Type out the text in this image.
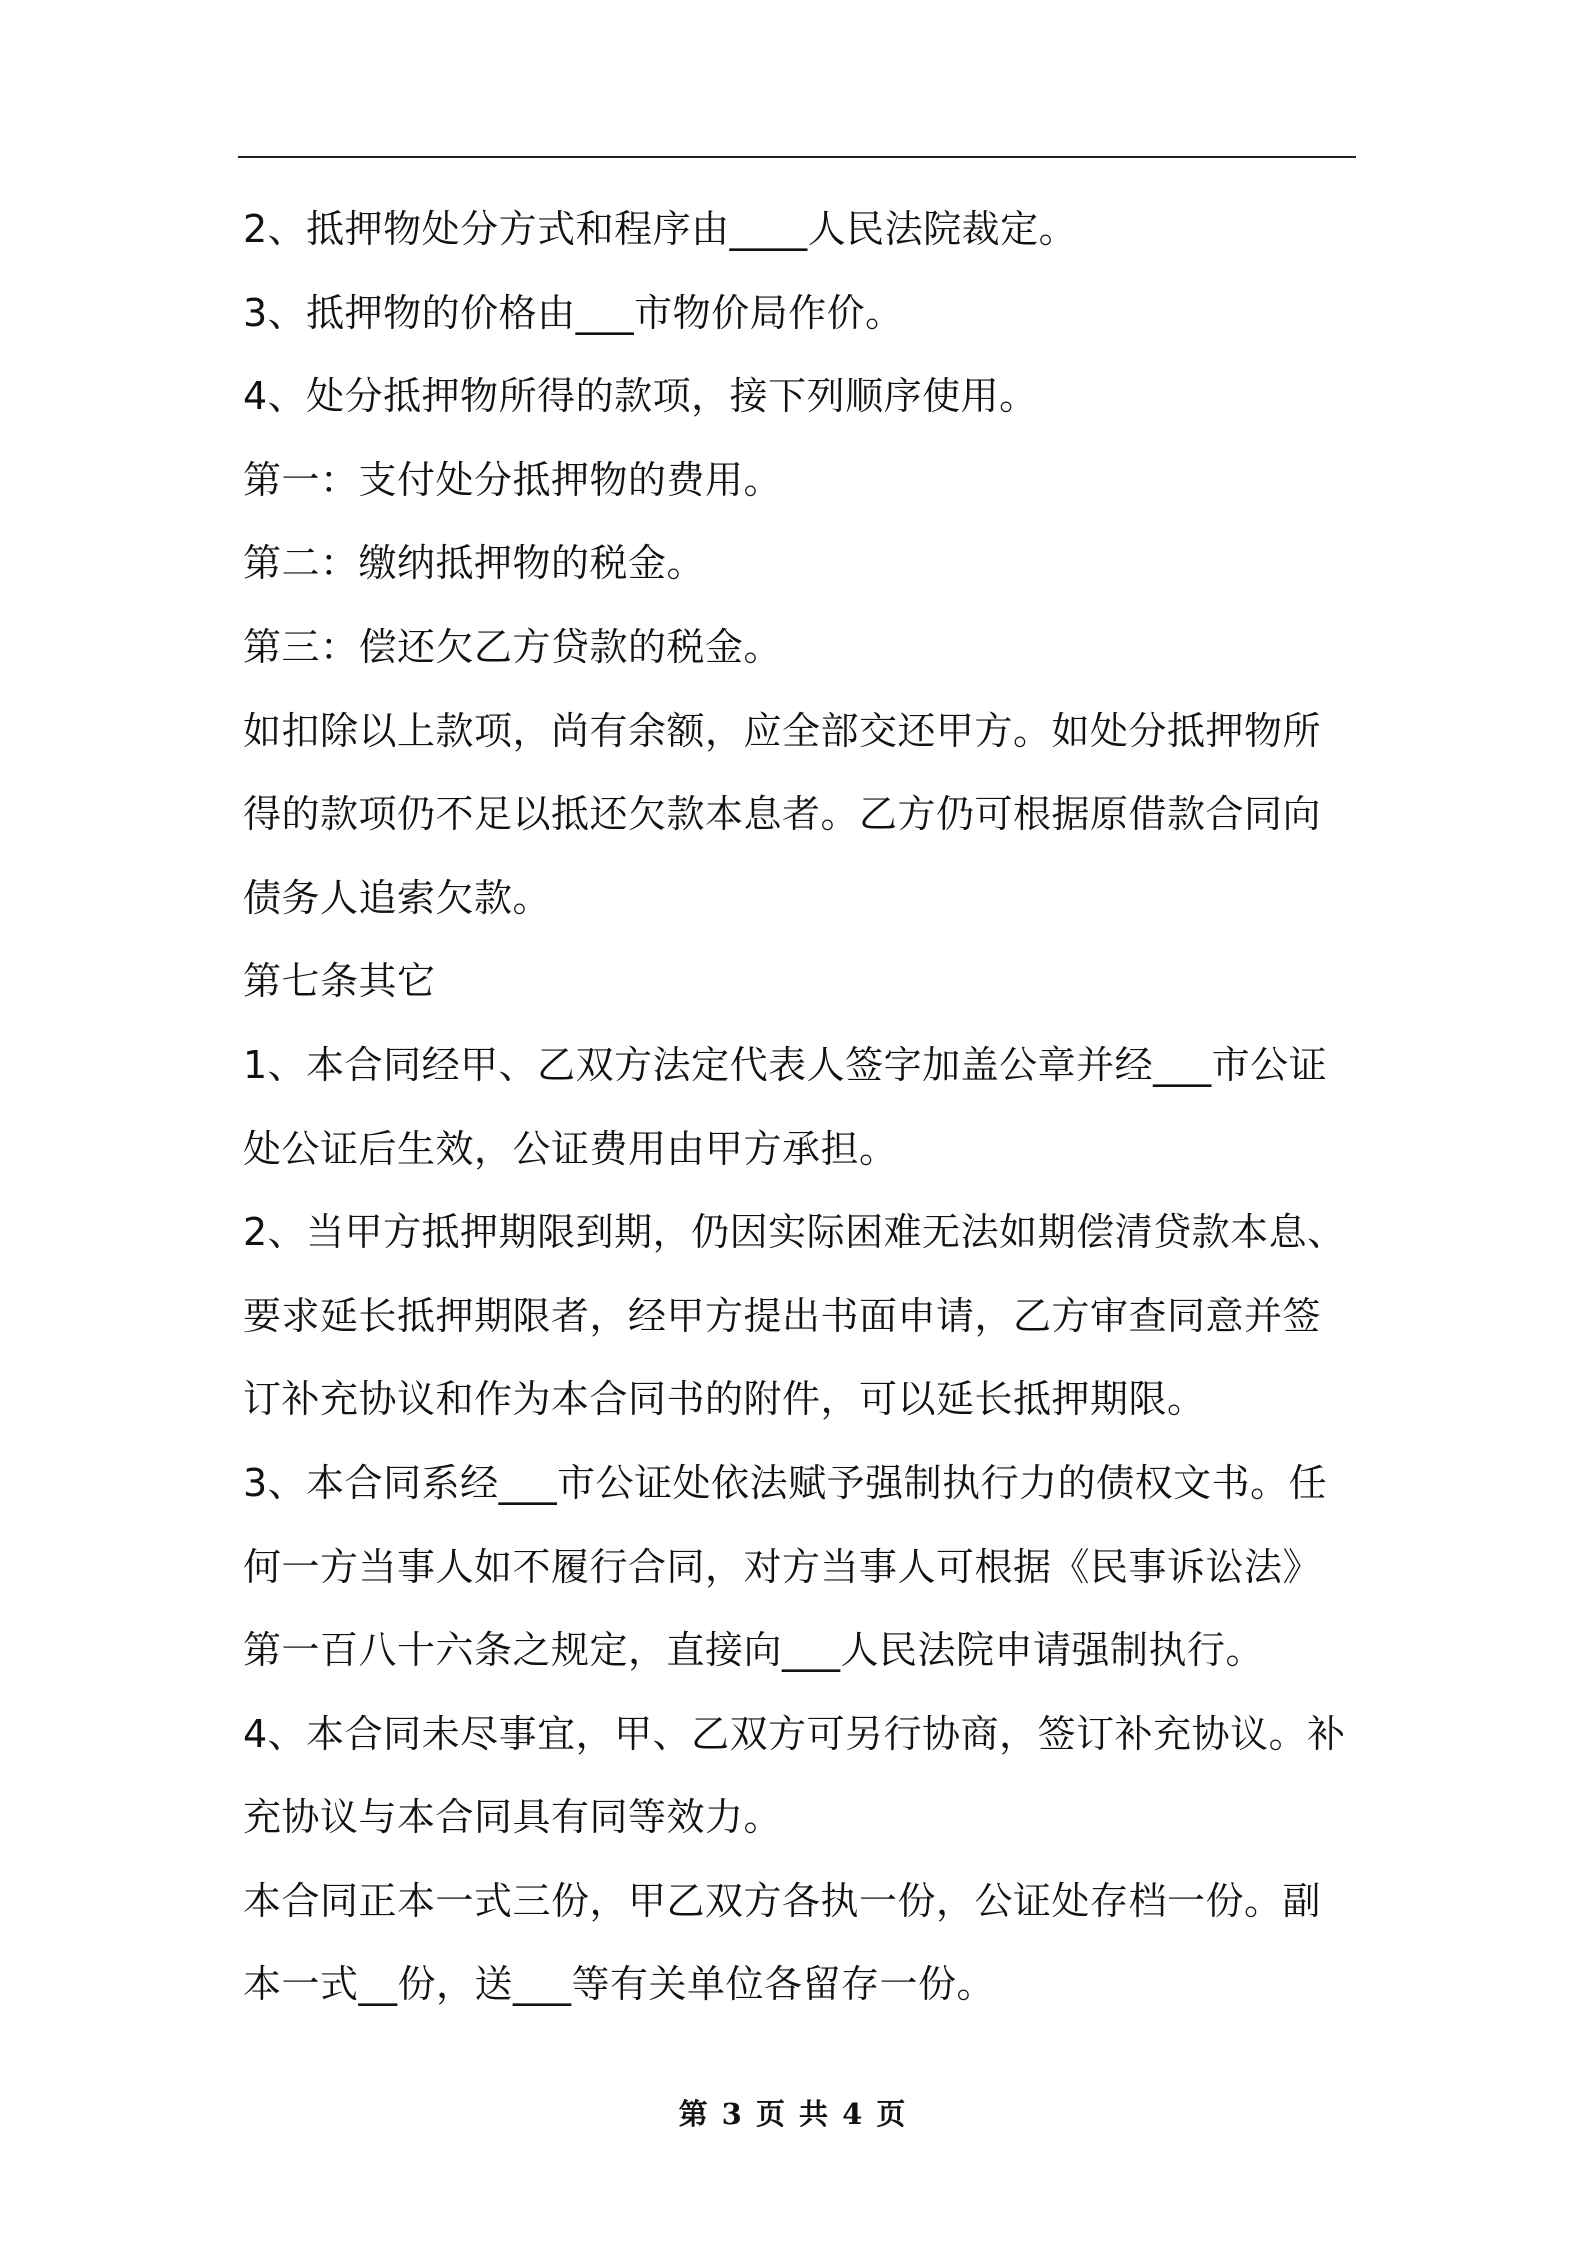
2、抵押物处分方式和程序由____人民法院裁定。

3、抵押物的价格由___市物价局作价。

4、处分抵押物所得的款项，接下列顺序使用。

第一：支付处分抵押物的费用。

第二：缴纳抵押物的税金。

第三：偿还欠乙方贷款的税金。

如扣除以上款项，尚有余额，应全部交还甲方。如处分抵押物所得的款项仍不足以抵还欠款本息者。乙方仍可根据原借款合同向债务人追索欠款。

第七条其它

1、本合同经甲、乙双方法定代表人签字加盖公章并经___市公证处公证后生效，公证费用由甲方承担。

2、当甲方抵押期限到期，仍因实际困难无法如期偿清贷款本息、要求延长抵押期限者，经甲方提出书面申请，乙方审查同意并签订补充协议和作为本合同书的附件，可以延长抵押期限。

3、本合同系经___市公证处依法赋予强制执行力的债权文书。任何一方当事人如不履行合同，对方当事人可根据《民事诉讼法》第一百八十六条之规定，直接向___人民法院申请强制执行。

4、本合同未尽事宜，甲、乙双方可另行协商，签订补充协议。补充协议与本合同具有同等效力。

本合同正本一式三份，甲乙双方各执一份，公证处存档一份。副本一式__份，送___等有关单位各留存一份。

第 3 页 共 4 页
